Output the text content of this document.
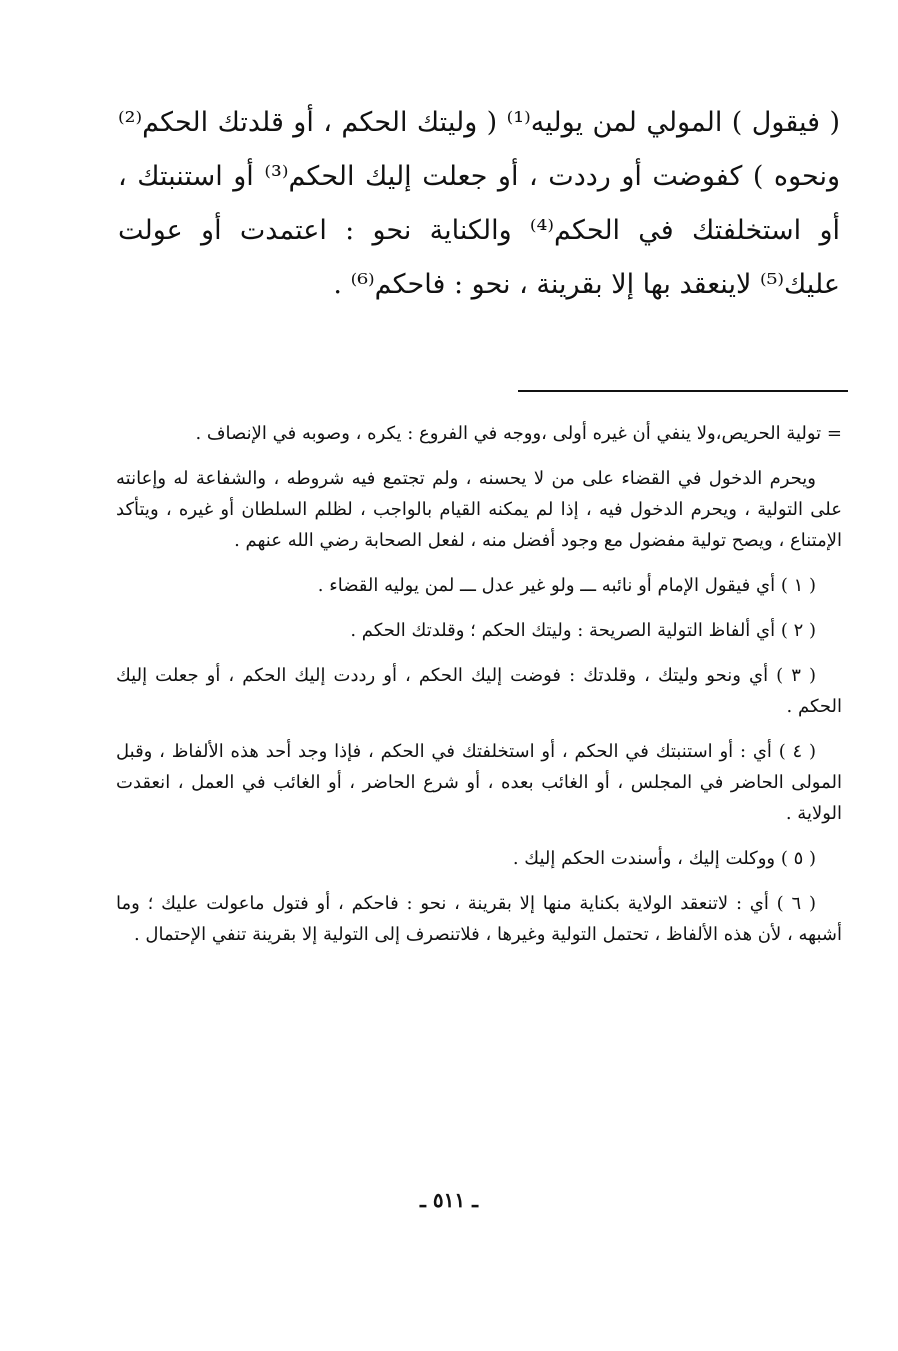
( فيقول ) المولي لمن يوليه⁽¹⁾ ( وليتك الحكم ، أو قلدتك الحكم⁽²⁾ ونحوه ) كفوضت أو رددت ، أو جعلت إليك الحكم⁽³⁾ أو استنبتك ، أو استخلفتك في الحكم⁽⁴⁾ والكناية نحو : اعتمدت أو عولت عليك⁽⁵⁾ لاينعقد بها إلا بقرينة ، نحو : فاحكم⁽⁶⁾ .

= تولية الحريص،ولا ينفي أن غيره أولى ،ووجه في الفروع : يكره ، وصوبه في الإنصاف .

ويحرم الدخول في القضاء على من لا يحسنه ، ولم تجتمع فيه شروطه ، والشفاعة له وإعانته على التولية ، ويحرم الدخول فيه ، إذا لم يمكنه القيام بالواجب ، لظلم السلطان أو غيره ، ويتأكد الإمتناع ، ويصح تولية مفضول مع وجود أفضل منه ، لفعل الصحابة رضي الله عنهم .

( ١ ) أي فيقول الإمام أو نائبه ـــ ولو غير عدل ـــ لمن يوليه القضاء .

( ٢ ) أي ألفاظ التولية الصريحة : وليتك الحكم ؛ وقلدتك الحكم .

( ٣ ) أي ونحو وليتك ، وقلدتك : فوضت إليك الحكم ، أو رددت إليك الحكم ، أو جعلت إليك الحكم .

( ٤ ) أي : أو استنبتك في الحكم ، أو استخلفتك في الحكم ، فإذا وجد أحد هذه الألفاظ ، وقبل المولى الحاضر في المجلس ، أو الغائب بعده ، أو شرع الحاضر ، أو الغائب في العمل ، انعقدت الولاية .

( ٥ ) ووكلت إليك ، وأسندت الحكم إليك .

( ٦ ) أي : لاتنعقد الولاية بكناية منها إلا بقرينة ، نحو : فاحكم ، أو فتول ماعولت عليك ؛ وما أشبهه ، لأن هذه الألفاظ ، تحتمل التولية وغيرها ، فلاتنصرف إلى التولية إلا بقرينة تنفي الإحتمال .

ـ ٥١١ ـ
